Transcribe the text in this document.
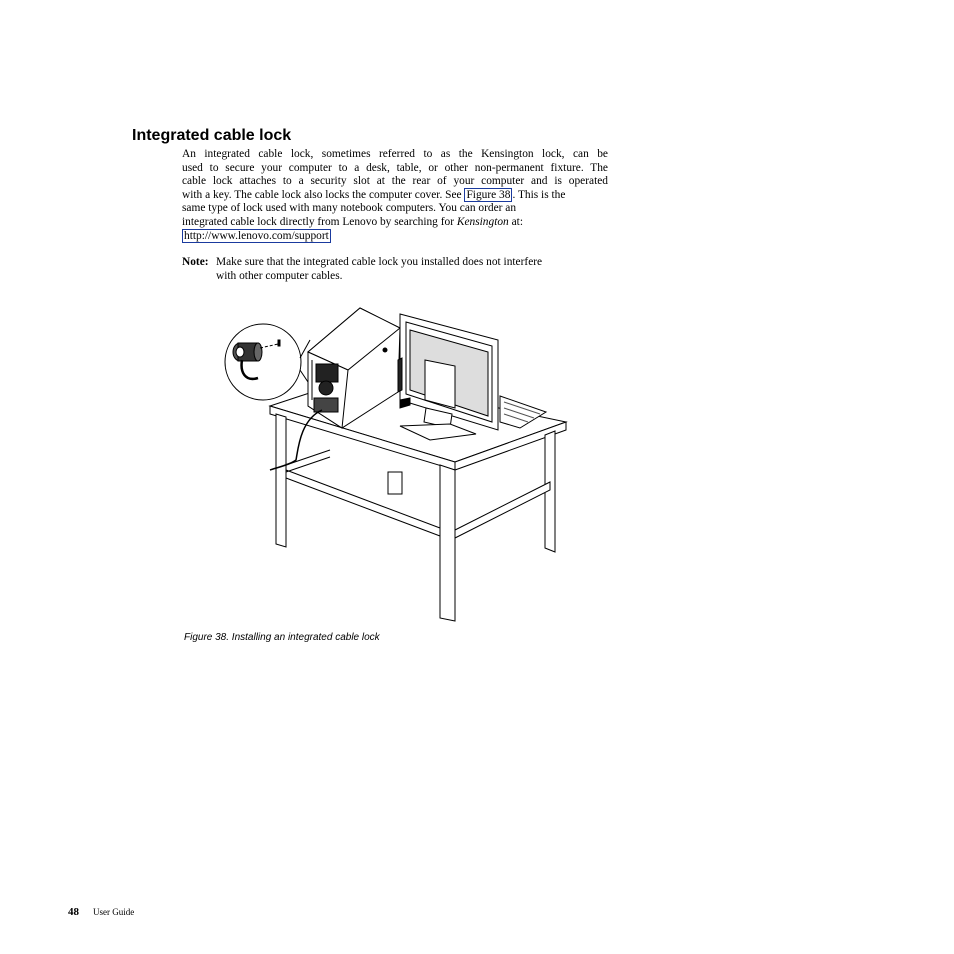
Integrated cable lock
An integrated cable lock, sometimes referred to as the Kensington lock, can be
used to secure your computer to a desk, table, or other non-permanent fixture. The
cable lock attaches to a security slot at the rear of your computer and is operated
with a key. The cable lock also locks the computer cover. See Figure 38 . This is the
same type of lock used with many notebook computers. You can order an
integrated cable lock directly from Lenovo by searching for Kensington at:
http://www.lenovo.com/support
Note: Make sure that the integrated cable lock you installed does not interfere
with other computer cables.
Figure 38. Installing an integrated cable lock
48 User Guide
